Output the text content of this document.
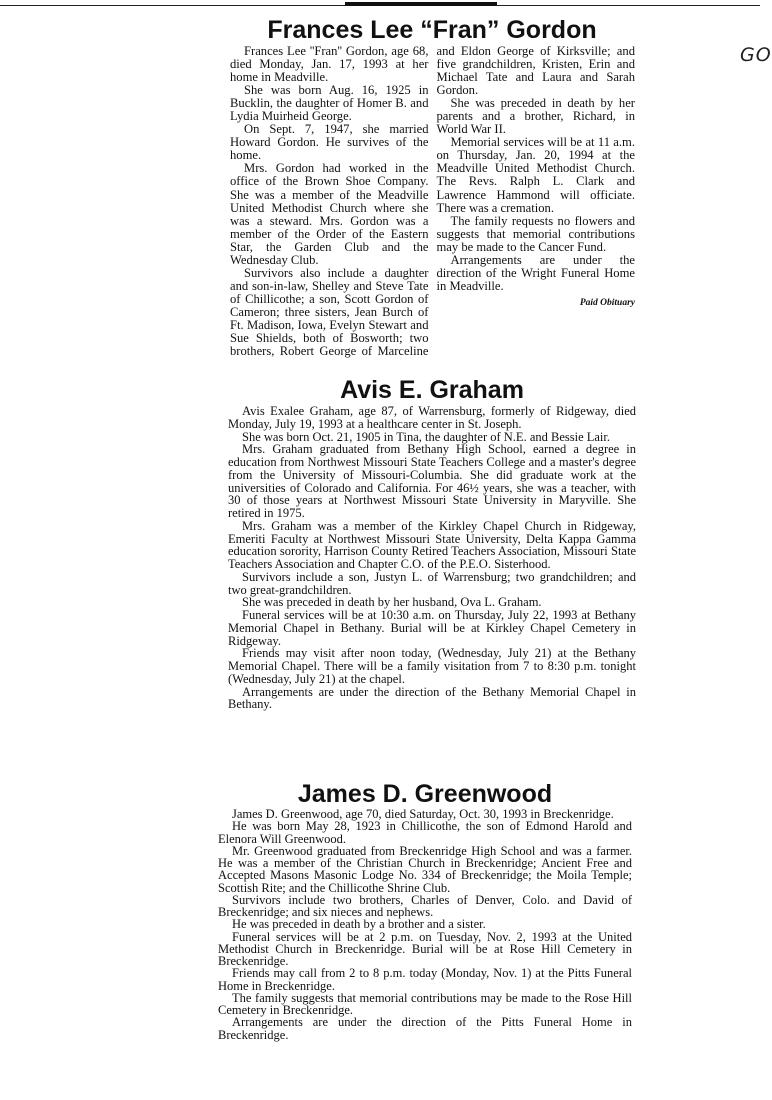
GO
Frances Lee “Fran” Gordon

Frances Lee ''Fran'' Gordon, age 68, died Monday, Jan. 17, 1993 at her home in Meadville.

She was born Aug. 16, 1925 in Bucklin, the daughter of Homer B. and Lydia Muirheid George.

On Sept. 7, 1947, she married Howard Gordon. He survives of the home.

Mrs. Gordon had worked in the office of the Brown Shoe Company. She was a member of the Meadville United Methodist Church where she was a steward. Mrs. Gordon was a member of the Order of the Eastern Star, the Garden Club and the Wednesday Club.

Survivors also include a daughter and son-in-law, Shelley and Steve Tate of Chillicothe; a son, Scott Gordon of Cameron; three sisters, Jean Burch of Ft. Madison, Iowa, Evelyn Stewart and Sue Shields, both of Bosworth; two brothers, Robert George of Marceline and Eldon George of Kirksville; and five grandchildren, Kristen, Erin and Michael Tate and Laura and Sarah Gordon.

She was preceded in death by her parents and a brother, Richard, in World War II.

Memorial services will be at 11 a.m. on Thursday, Jan. 20, 1994 at the Meadville United Methodist Church. The Revs. Ralph L. Clark and Lawrence Hammond will officiate. There was a cremation.

The family requests no flowers and suggests that memorial contributions may be made to the Cancer Fund.

Arrangements are under the direction of the Wright Funeral Home in Meadville.

Paid Obituary

Avis E. Graham

Avis Exalee Graham, age 87, of Warrensburg, formerly of Ridgeway, died Monday, July 19, 1993 at a healthcare center in St. Joseph.

She was born Oct. 21, 1905 in Tina, the daughter of N.E. and Bessie Lair.

Mrs. Graham graduated from Bethany High School, earned a degree in education from Northwest Missouri State Teachers College and a master's degree from the University of Missouri-Columbia. She did graduate work at the universities of Colorado and California. For 46½ years, she was a teacher, with 30 of those years at Northwest Missouri State University in Maryville. She retired in 1975.

Mrs. Graham was a member of the Kirkley Chapel Church in Ridgeway, Emeriti Faculty at Northwest Missouri State University, Delta Kappa Gamma education sorority, Harrison County Retired Teachers Association, Missouri State Teachers Association and Chapter C.O. of the P.E.O. Sisterhood.

Survivors include a son, Justyn L. of Warrensburg; two grandchildren; and two great-grandchildren.

She was preceded in death by her husband, Ova L. Graham.

Funeral services will be at 10:30 a.m. on Thursday, July 22, 1993 at Bethany Memorial Chapel in Bethany. Burial will be at Kirkley Chapel Cemetery in Ridgeway.

Friends may visit after noon today, (Wednesday, July 21) at the Bethany Memorial Chapel. There will be a family visitation from 7 to 8:30 p.m. tonight (Wednesday, July 21) at the chapel.

Arrangements are under the direction of the Bethany Memorial Chapel in Bethany.

James D. Greenwood

James D. Greenwood, age 70, died Saturday, Oct. 30, 1993 in Breckenridge.

He was born May 28, 1923 in Chillicothe, the son of Edmond Harold and Elenora Will Greenwood.

Mr. Greenwood graduated from Breckenridge High School and was a farmer. He was a member of the Christian Church in Breckenridge; Ancient Free and Accepted Masons Masonic Lodge No. 334 of Breckenridge; the Moila Temple; Scottish Rite; and the Chillicothe Shrine Club.

Survivors include two brothers, Charles of Denver, Colo. and David of Breckenridge; and six nieces and nephews.

He was preceded in death by a brother and a sister.

Funeral services will be at 2 p.m. on Tuesday, Nov. 2, 1993 at the United Methodist Church in Breckenridge. Burial will be at Rose Hill Cemetery in Breckenridge.

Friends may call from 2 to 8 p.m. today (Monday, Nov. 1) at the Pitts Funeral Home in Breckenridge.

The family suggests that memorial contributions may be made to the Rose Hill Cemetery in Breckenridge.

Arrangements are under the direction of the Pitts Funeral Home in Breckenridge.
